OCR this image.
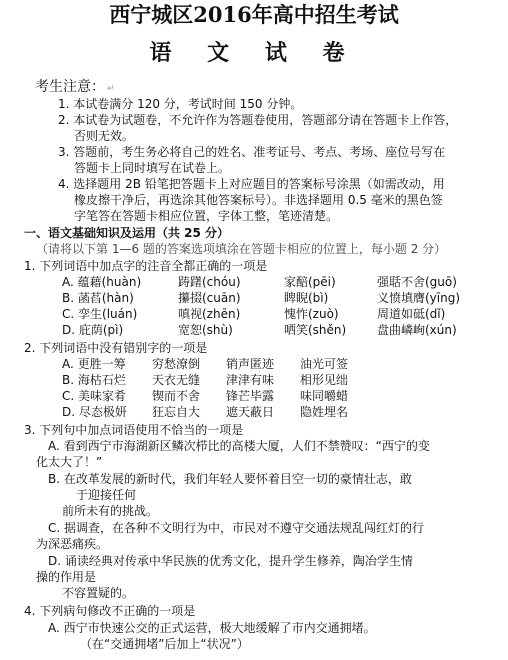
西宁城区2016年高中招生考试
语 文 试 卷
考生注意： ↵
1. 本试卷满分 120 分，考试时间 150 分钟。
2. 本试卷为试题卷，不允许作为答题卷使用，答题部分请在答题卡上作答，
否则无效。
3. 答题前，考生务必将自己的姓名、准考证号、考点、考场、座位号写在
答题卡上同时填写在试卷上。
4. 选择题用 2B 铅笔把答题卡上对应题目的答案标号涂黑（如需改动，用
橡皮擦干净后，再选涂其他答案标号）。非选择题用 0.5 毫米的黑色签
字笔答在答题卡相应位置，字体工整，笔迹清楚。
一、语文基础知识及运用（共 25 分）
（请将以下第 1—6 题的答案选项填涂在答题卡相应的位置上，每小题 2 分）
1. 下列词语中加点字的注音全都正确的一项是
A. 蕴藉(huàn)	踌躇(chóu)	家醅(pēi)	强聒不舍(guō)
B. 菡萏(hàn)	攥掇(cuān)	睥睨(bì)	义愤填膺(yīng)
C. 孪生(luán)	嗔视(zhēn)	愧怍(zuò)	周道如砥(dǐ)
D. 庇荫(pì)	宽恕(shù)	哂笑(shěn)	盘曲嶙峋(xún)
2. 下列词语中没有错别字的一项是
A. 更胜一筹 穷愁潦倒 销声匿迹 油光可签
B. 海枯石烂 天衣无缝 津津有味 相形见绌
C. 美味家肴 锲而不舍 锋芒毕露 味同嚼蜡
D. 尽态极妍 狂忘自大 遮天蔽日 隐姓埋名
3. 下列句中加点词语使用不恰当的一项是
A. 看到西宁市海湖新区鳞次栉比的高楼大厦，人们不禁赞叹：“西宁的变
化太大了！”
B. 在改革发展的新时代，我们年轻人要怀着目空一切的豪情壮志，敢
于迎接任何
前所未有的挑战。
C. 据调查，在各种不文明行为中，市民对不遵守交通法规乱闯红灯的行
为深恶痛疾。
D. 诵读经典对传承中华民族的优秀文化，提升学生修养，陶冶学生情
操的作用是
不容置疑的。
4. 下列病句修改不正确的一项是
A. 西宁市快速公交的正式运营，极大地缓解了市内交通拥堵。
（在“交通拥堵”后加上“状况”）
